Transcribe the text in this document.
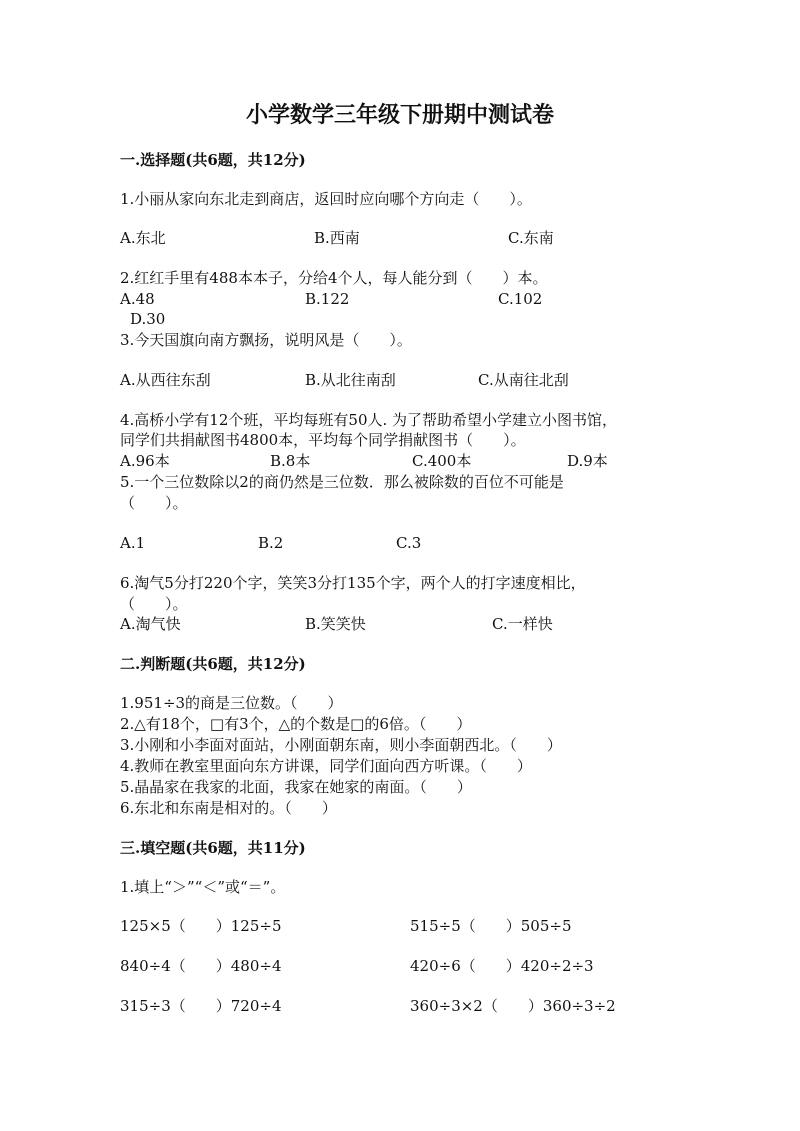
小学数学三年级下册期中测试卷
一.选择题(共6题，共12分)
1.小丽从家向东北走到商店，返回时应向哪个方向走（　　）。
A.东北	B.西南	C.东南
2.红红手里有488本本子，分给4个人，每人能分到（　　）本。
A.48	B.122	C.102
D.30
3.今天国旗向南方飘扬，说明风是（　　）。
A.从西往东刮	B.从北往南刮	C.从南往北刮
4.高桥小学有12个班，平均每班有50人. 为了帮助希望小学建立小图书馆，
同学们共捐献图书4800本，平均每个同学捐献图书（　　）。
A.96本	B.8本	C.400本	D.9本
5.一个三位数除以2的商仍然是三位数．那么被除数的百位不可能是
（　　）。
A.1	B.2	C.3
6.淘气5分打220个字，笑笑3分打135个字，两个人的打字速度相比，
（　　）。
A.淘气快	B.笑笑快	C.一样快
二.判断题(共6题，共12分)
1.951÷3的商是三位数。（　　）
2.△有18个，□有3个，△的个数是□的6倍。（　　）
3.小刚和小李面对面站，小刚面朝东南，则小李面朝西北。（　　）
4.教师在教室里面向东方讲课，同学们面向西方听课。（　　）
5.晶晶家在我家的北面，我家在她家的南面。（　　）
6.东北和东南是相对的。（　　）
三.填空题(共6题，共11分)
1.填上“＞”“＜”或“＝”。
125×5（　　）125÷5	515÷5（　　）505÷5
840÷4（　　）480÷4	420÷6（　　）420÷2÷3
315÷3（　　）720÷4	360÷3×2（　　）360÷3÷2
